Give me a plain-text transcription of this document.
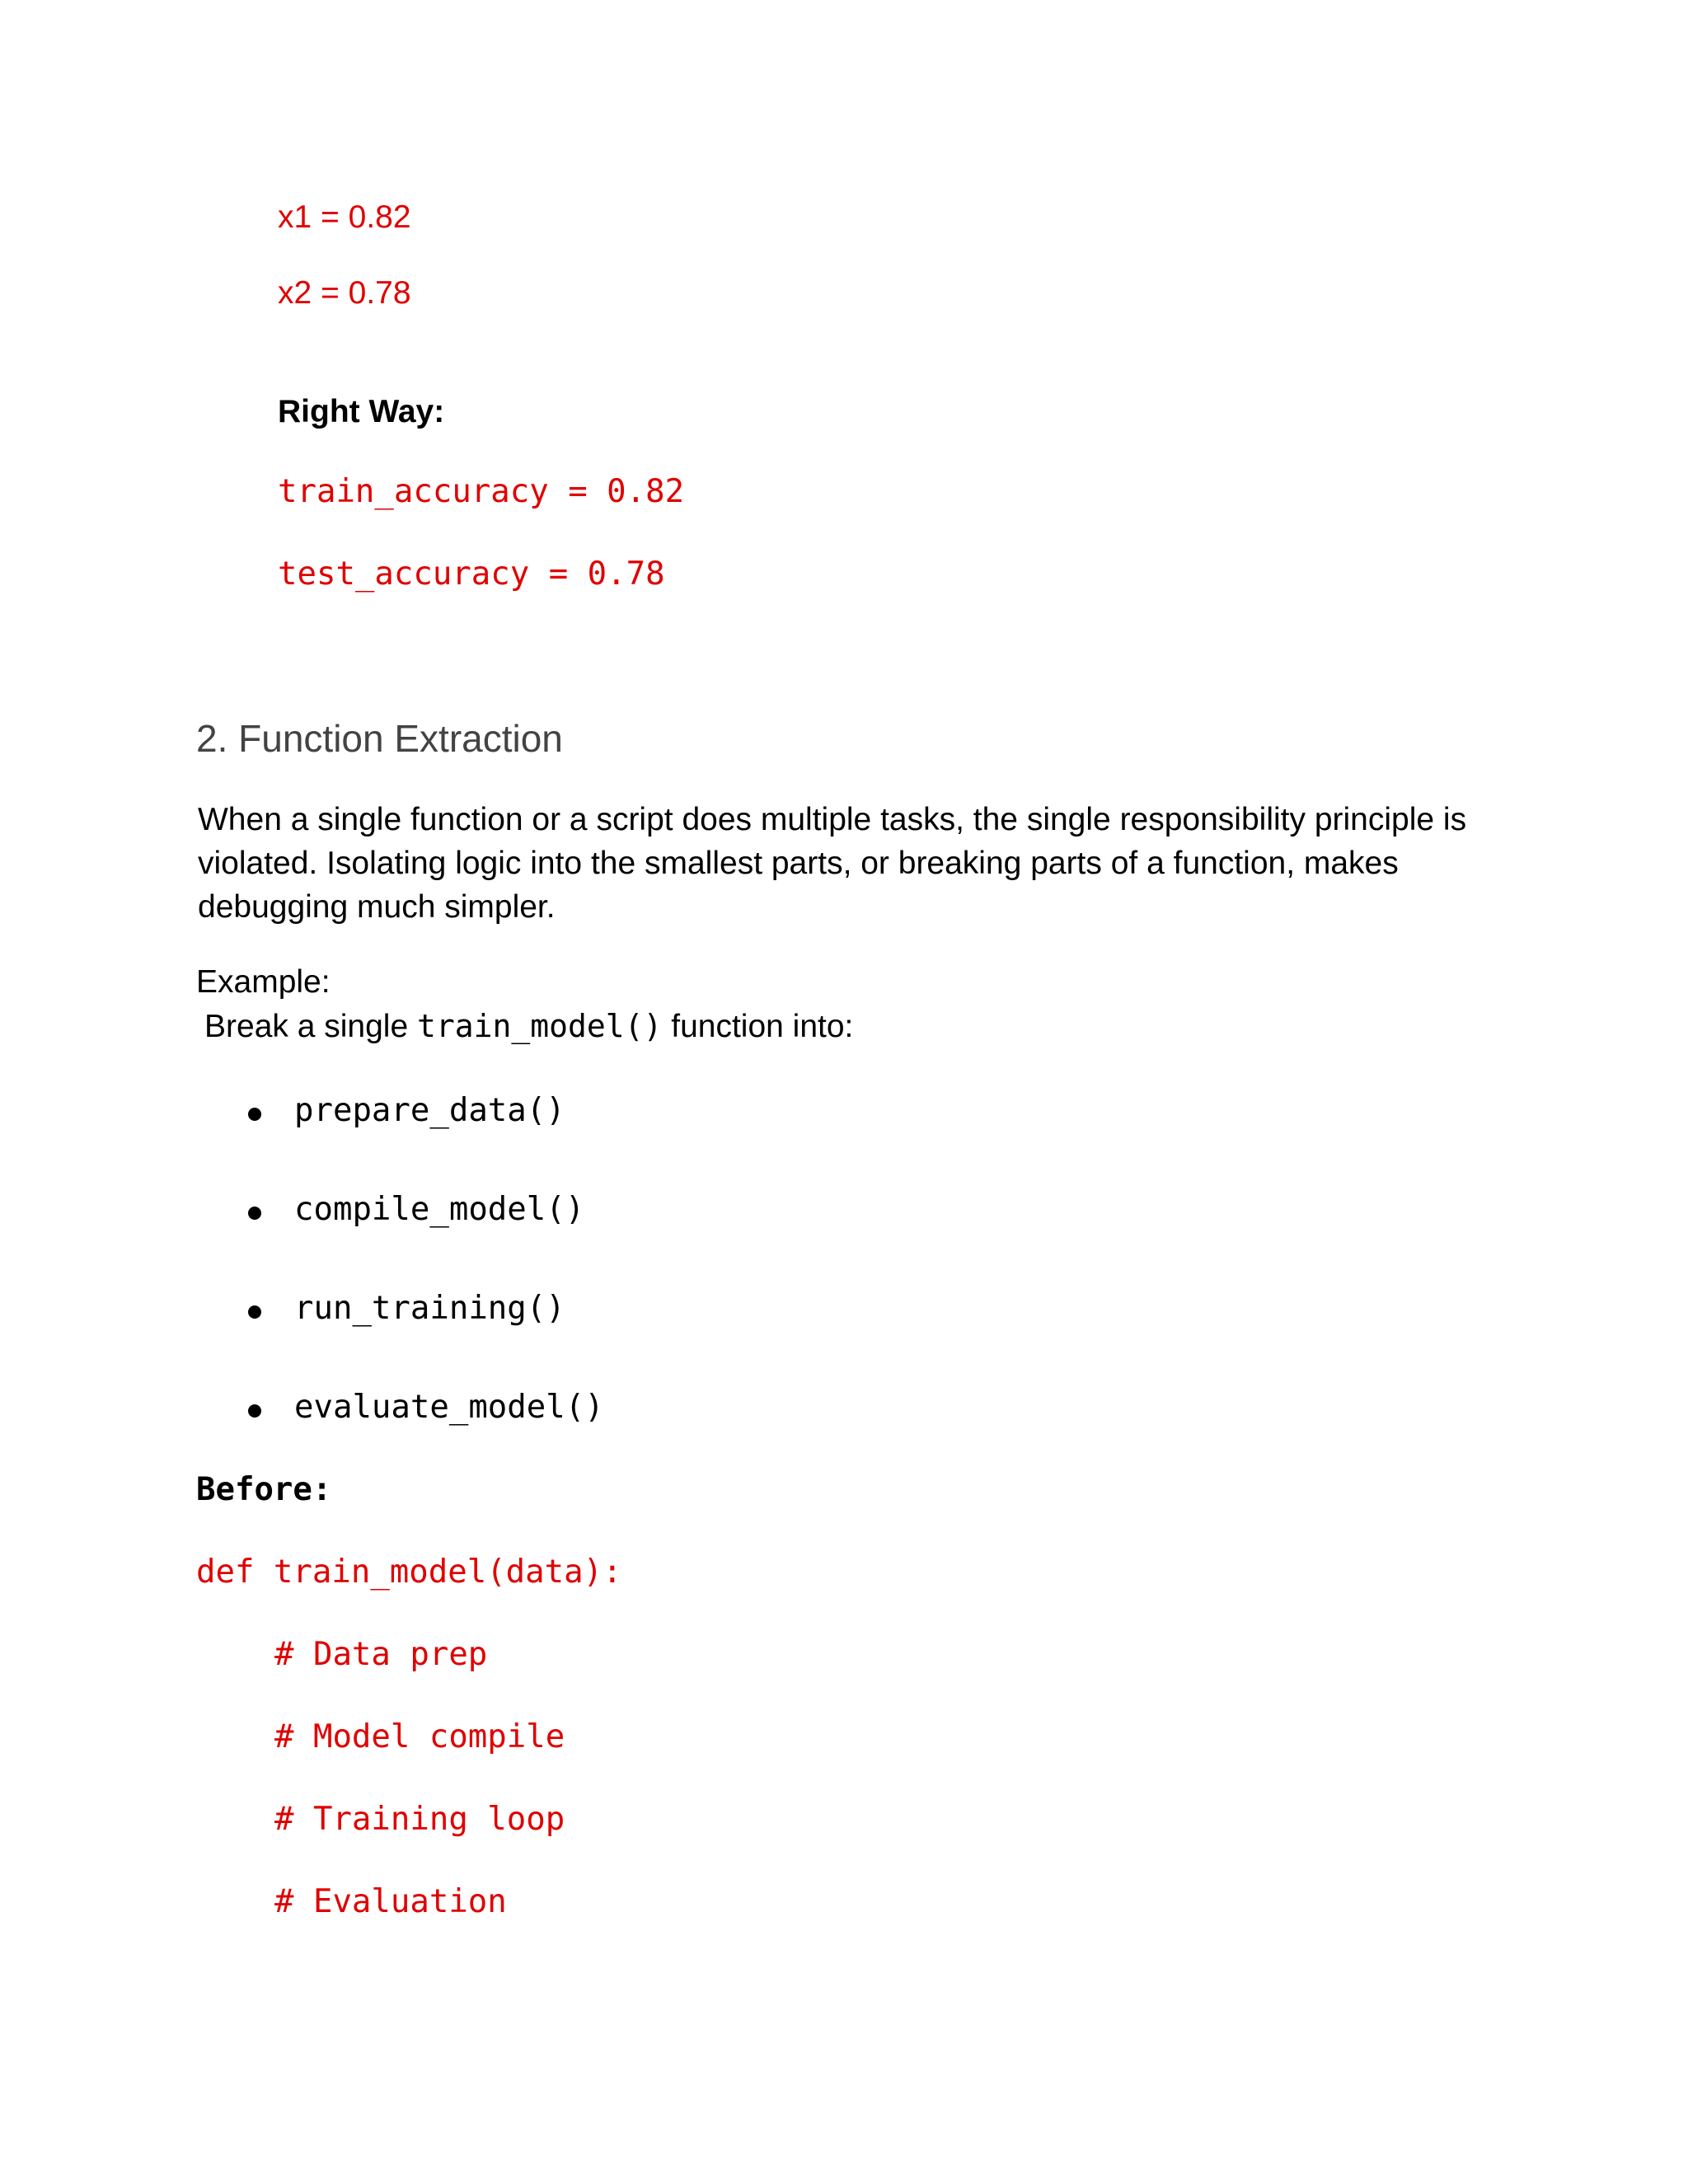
x1 = 0.82
x2 = 0.78
Right Way:
train_accuracy = 0.82
test_accuracy = 0.78
2. Function Extraction
When a single function or a script does multiple tasks, the single responsibility principle is violated. Isolating logic into the smallest parts, or breaking parts of a function, makes debugging much simpler.
Example:
Break a single train_model() function into:
prepare_data()
compile_model()
run_training()
evaluate_model()
Before:
def train_model(data):
# Data prep
# Model compile
# Training loop
# Evaluation
